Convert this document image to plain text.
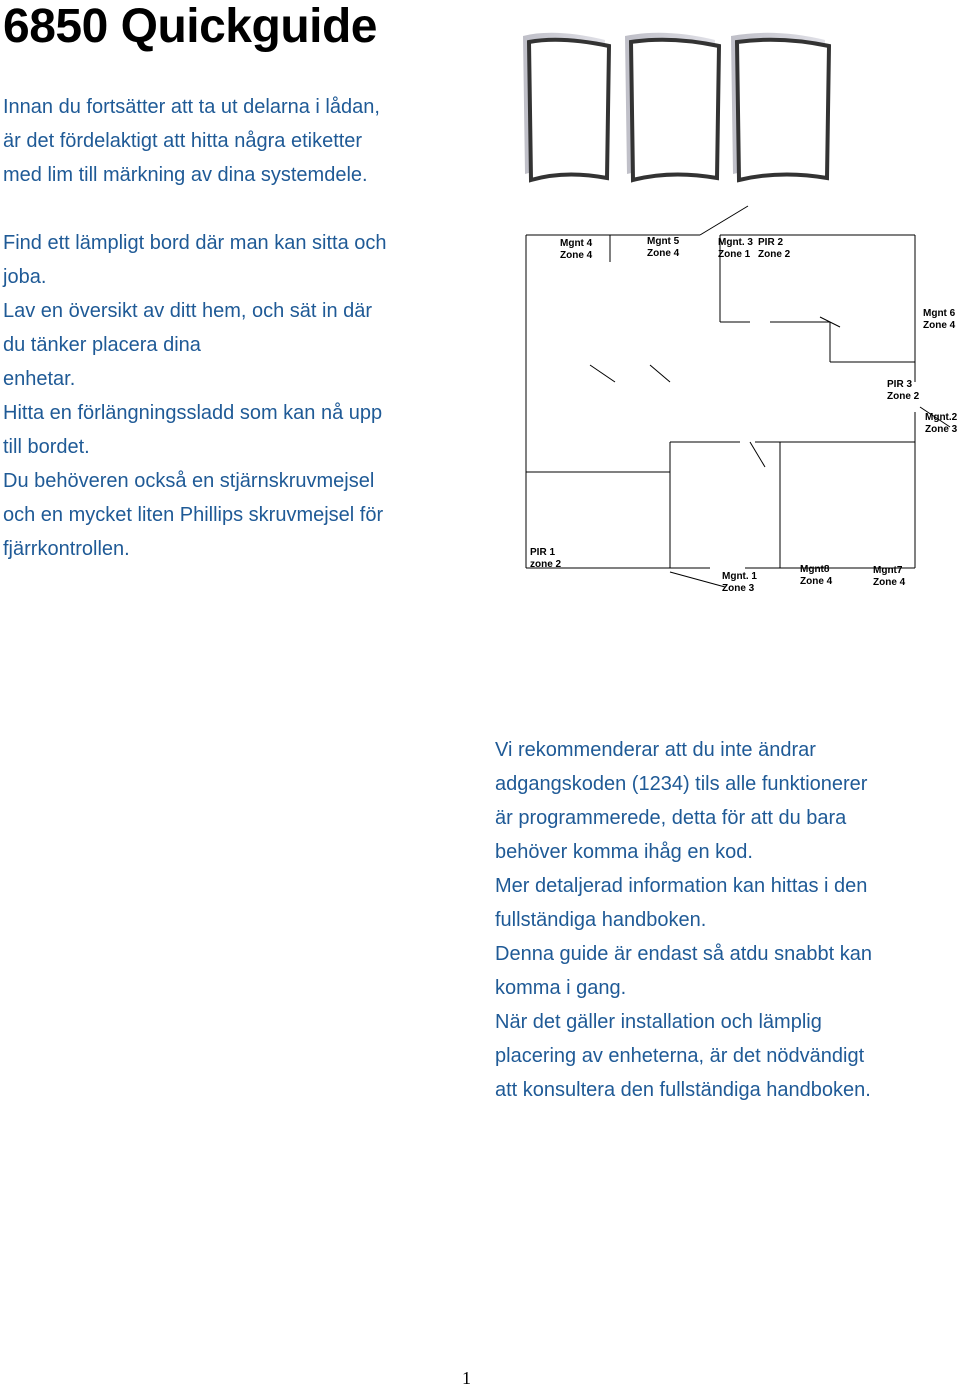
6850 Quickguide

Innan du fortsätter att ta ut delarna i lådan,

är det fördelaktigt att hitta några etiketter

med lim till märkning av dina systemdele.

Find ett lämpligt bord där man kan sitta och

joba.

Lav en översikt av ditt hem, och sät in där

du tänker placera dina

enhetar.

Hitta en förlängningssladd som kan nå upp

till bordet.

Du behöveren också en stjärnskruvmejsel

och en mycket liten Phillips skruvmejsel för

fjärrkontrollen.

Mgnt 4
Zone 4
Mgnt 5
Zone 4
Mgnt. 3
Zone 1
PIR 2
Zone 2
Mgnt 6
Zone 4
PIR 3
Zone 2
Mgnt.2
Zone 3
PIR 1
zone 2
Mgnt. 1
Zone 3
Mgnt8
Zone 4
Mgnt7
Zone 4

Vi rekommenderar att du inte ändrar

adgangskoden (1234) tils alle funktionerer

är programmerede, detta för att du bara

behöver komma ihåg en kod.

Mer detaljerad information kan hittas i den

fullständiga handboken.

Denna guide är endast så atdu snabbt kan

komma i gang.

När det gäller installation och lämplig

placering av enheterna, är det nödvändigt

att konsultera den fullständiga handboken.

1
